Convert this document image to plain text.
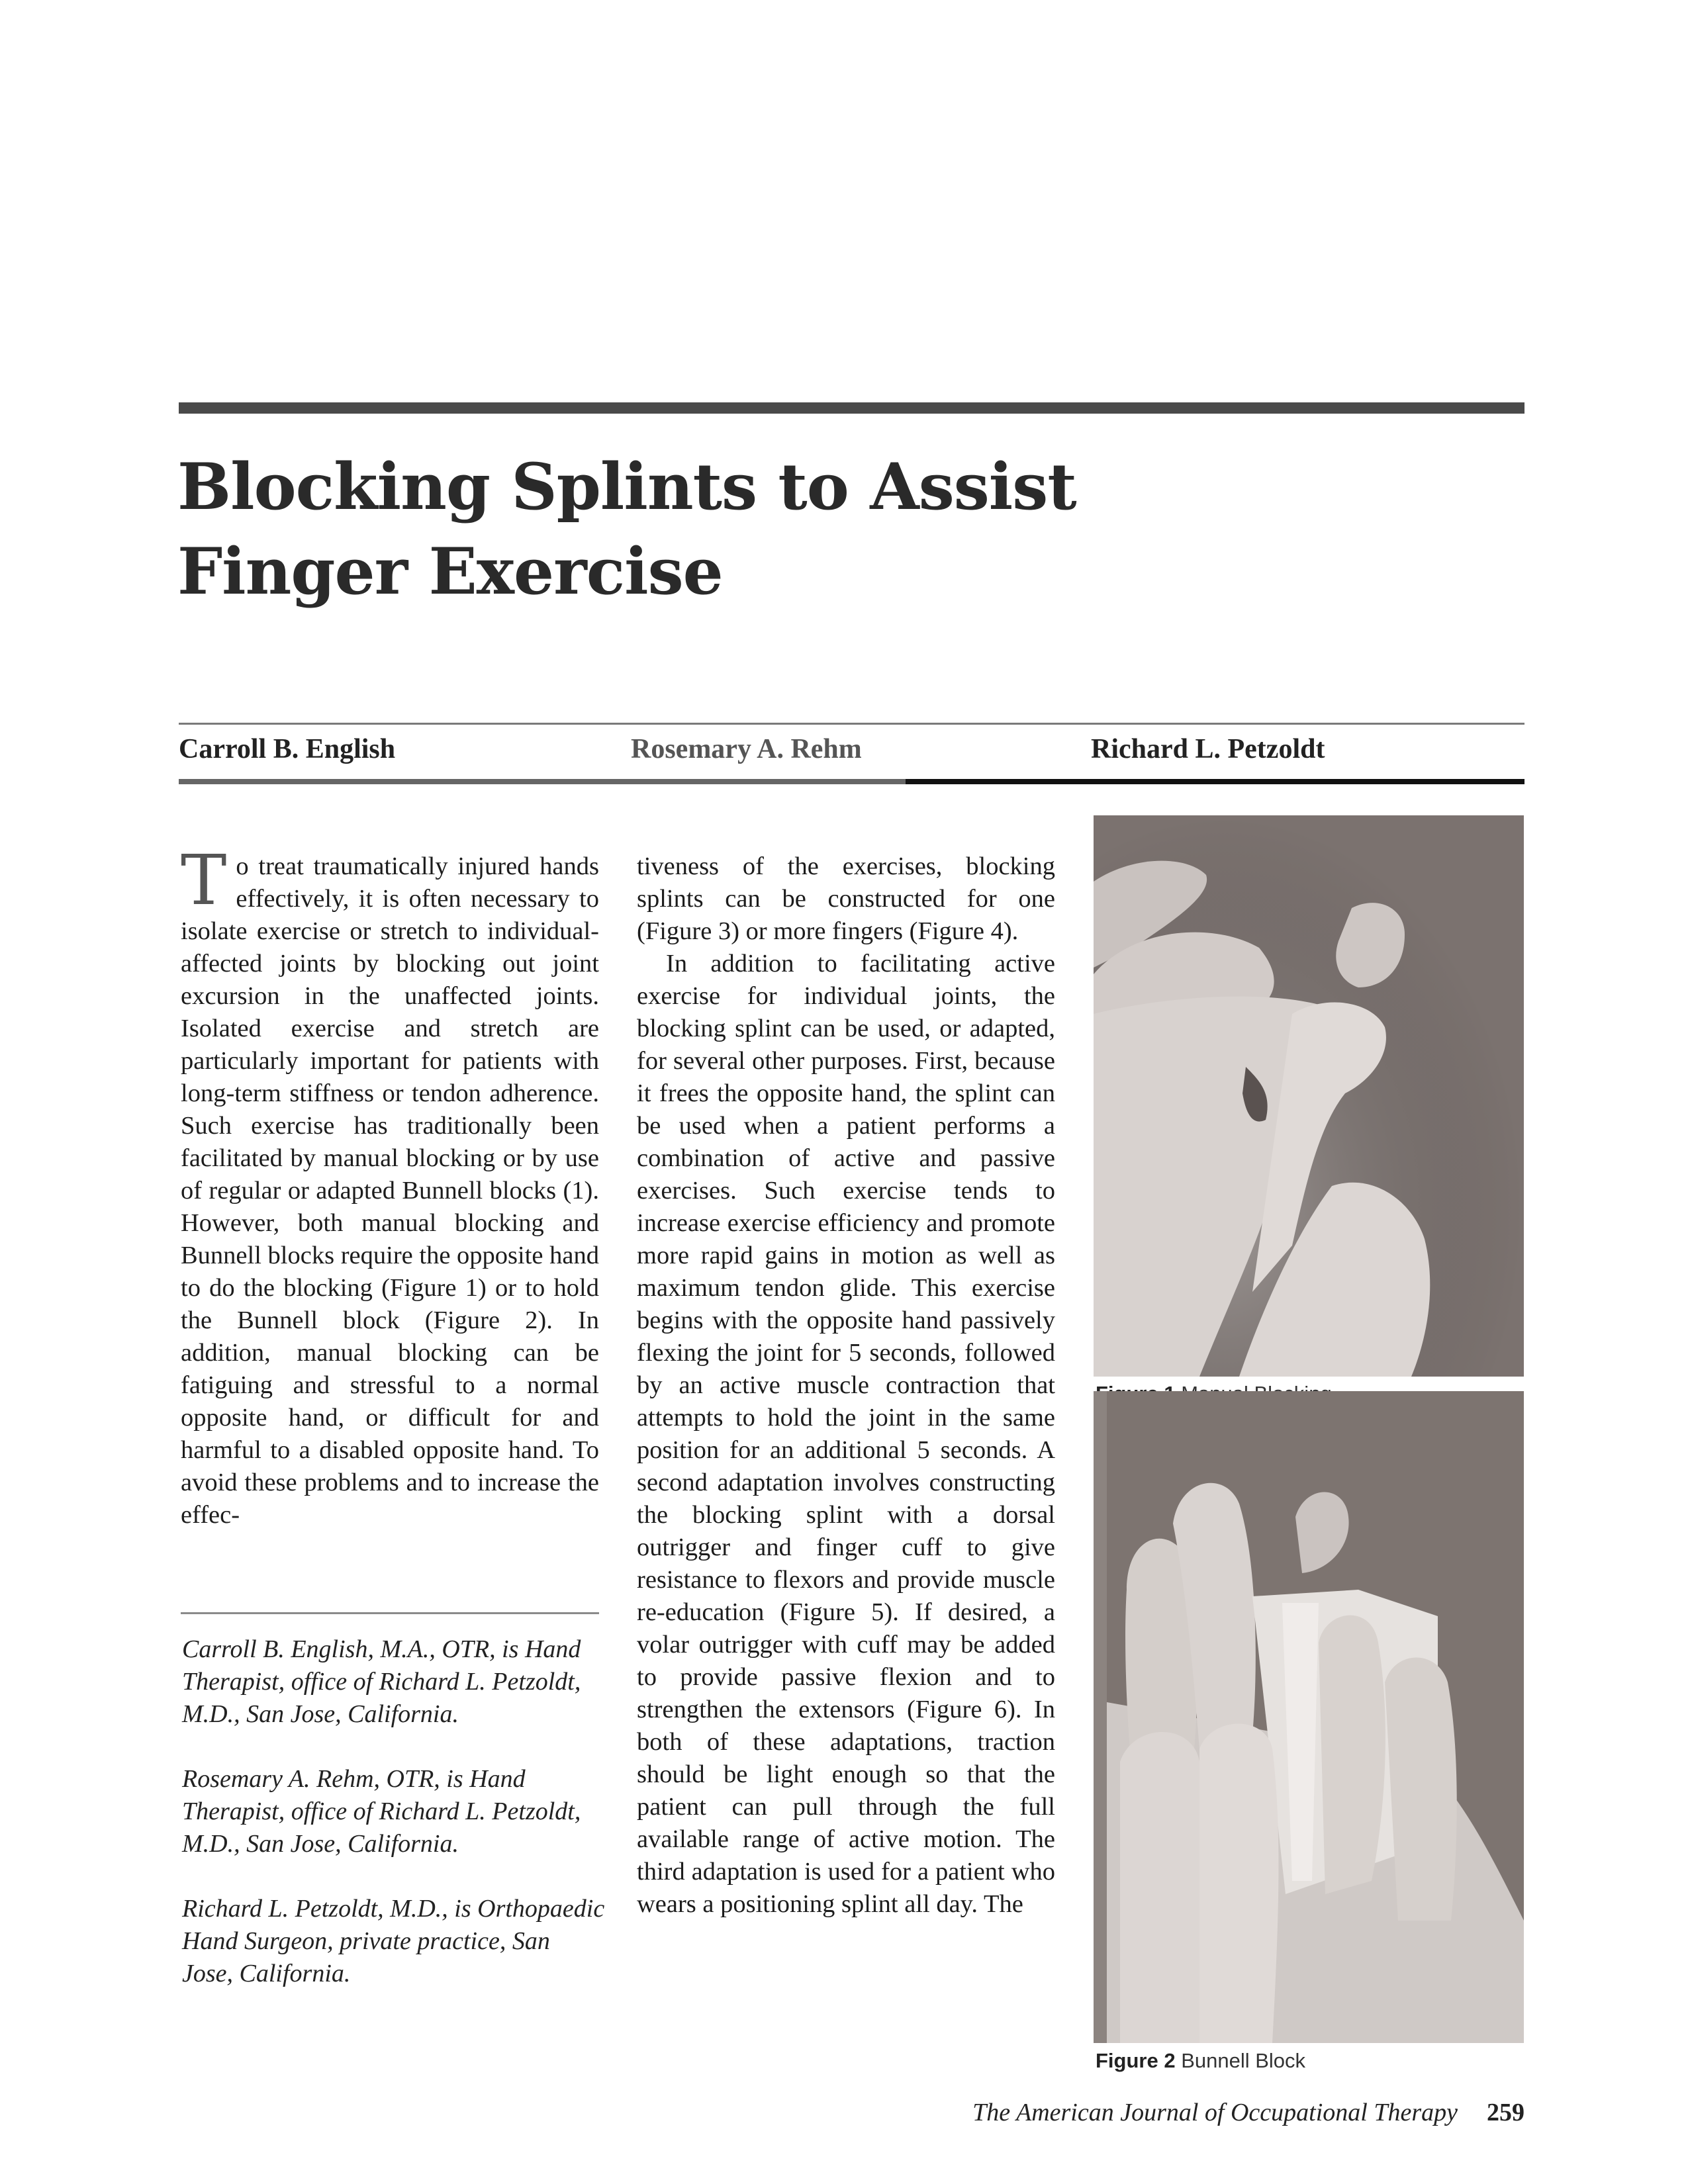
Blocking Splints to Assist
Finger Exercise
Carroll B. English	Rosemary A. Rehm	Richard L. Petzoldt

To treat traumatically injured hands effectively, it is often necessary to isolate exercise or stretch to individual-affected joints by blocking out joint excursion in the unaffected joints. Isolated exercise and stretch are particularly important for patients with long-term stiffness or tendon adherence. Such exercise has traditionally been facilitated by manual blocking or by use of regular or adapted Bunnell blocks (1). However, both manual blocking and Bunnell blocks require the opposite hand to do the blocking (Figure 1) or to hold the Bunnell block (Figure 2). In addition, manual blocking can be fatiguing and stressful to a normal opposite hand, or difficult for and harmful to a disabled opposite hand. To avoid these problems and to increase the effec-

Carroll B. English, M.A., OTR, is Hand Therapist, office of Richard L. Petzoldt, M.D., San Jose, California.

Rosemary A. Rehm, OTR, is Hand Therapist, office of Richard L. Petzoldt, M.D., San Jose, California.

Richard L. Petzoldt, M.D., is Orthopaedic Hand Surgeon, private practice, San Jose, California.

tiveness of the exercises, blocking splints can be constructed for one (Figure 3) or more fingers (Figure 4).

In addition to facilitating active exercise for individual joints, the blocking splint can be used, or adapted, for several other purposes. First, because it frees the opposite hand, the splint can be used when a patient performs a combination of active and passive exercises. Such exercise tends to increase exercise efficiency and promote more rapid gains in motion as well as maximum tendon glide. This exercise begins with the opposite hand passively flexing the joint for 5 seconds, followed by an active muscle contraction that attempts to hold the joint in the same position for an additional 5 seconds. A second adaptation involves constructing the blocking splint with a dorsal outrigger and finger cuff to give resistance to flexors and provide muscle re-education (Figure 5). If desired, a volar outrigger with cuff may be added to provide passive flexion and to strengthen the extensors (Figure 6). In both of these adaptations, traction should be light enough so that the patient can pull through the full available range of active motion. The third adaptation is used for a patient who wears a positioning splint all day. The

Figure 2 Bunnell Block
The American Journal of Occupational Therapy 259
